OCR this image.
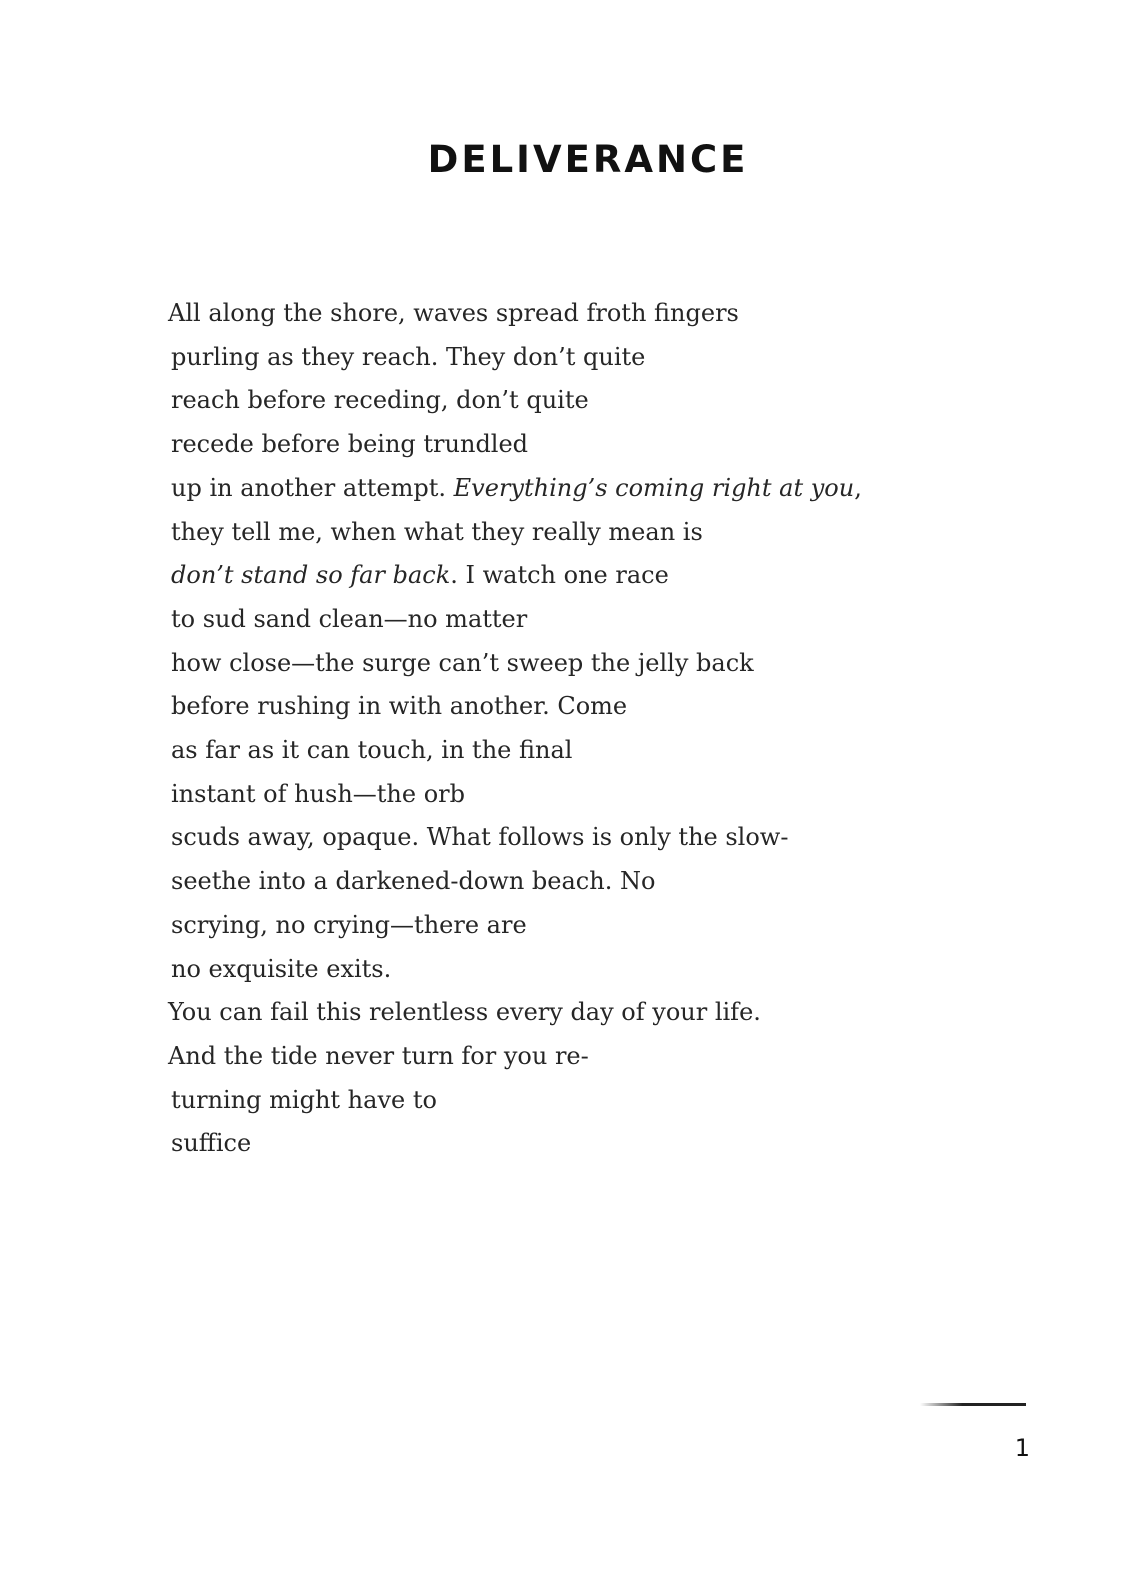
DELIVERANCE
All along the shore, waves spread froth fingers
purling as they reach. They don’t quite
reach before receding, don’t quite
recede before being trundled
up in another attempt. Everything’s coming right at you,
they tell me, when what they really mean is
don’t stand so far back. I watch one race
to sud sand clean—no matter
how close—the surge can’t sweep the jelly back
before rushing in with another. Come
as far as it can touch, in the final
instant of hush—the orb
scuds away, opaque. What follows is only the slow-
seethe into a darkened-down beach. No
scrying, no crying—there are
no exquisite exits.
You can fail this relentless every day of your life.
And the tide never turn for you re-
turning might have to
suffice
1
